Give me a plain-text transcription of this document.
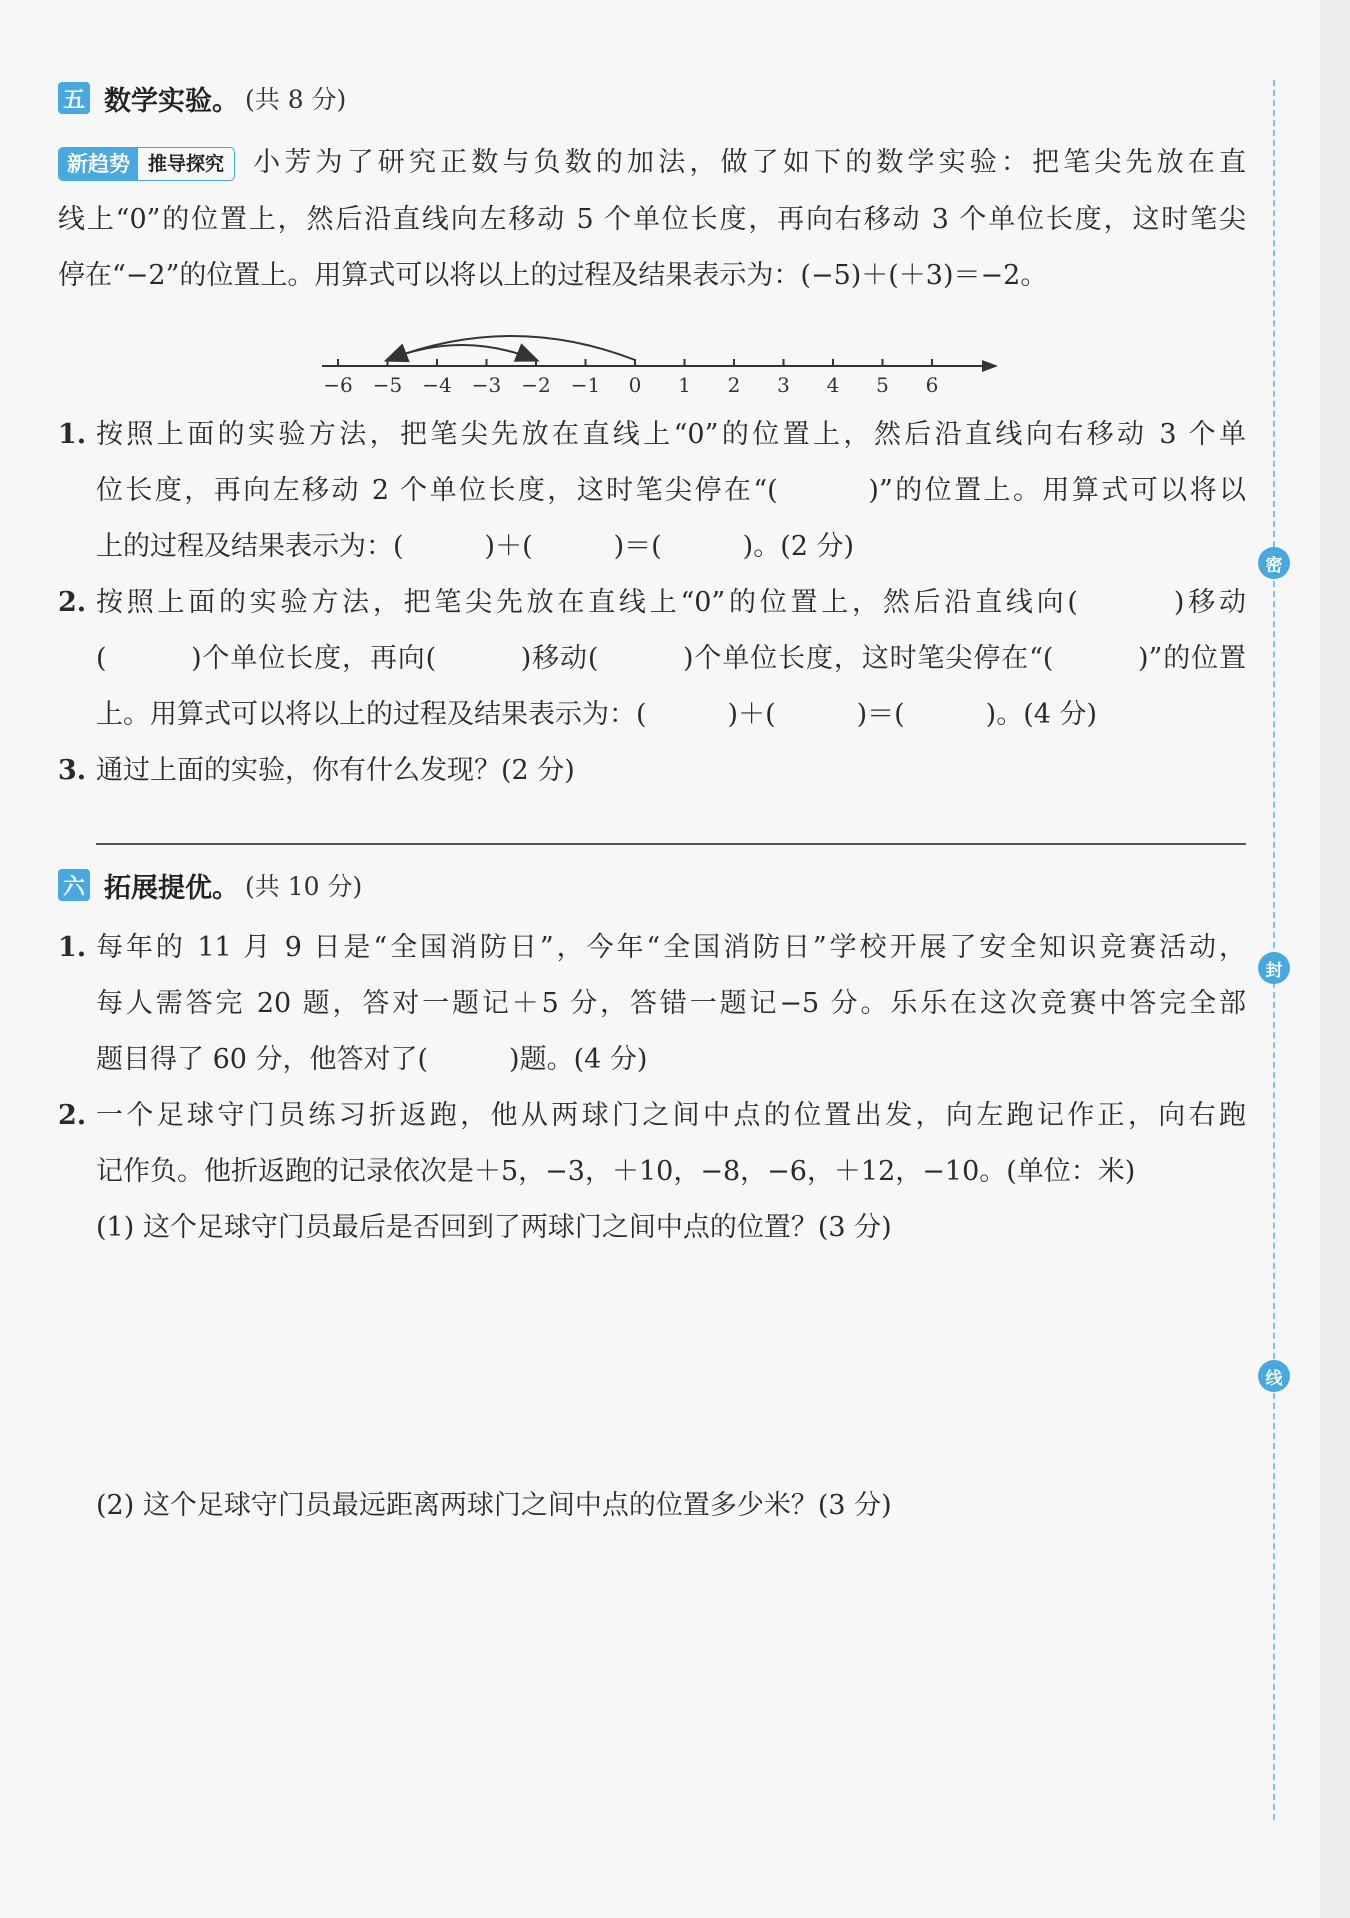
五 数学实验。 (共 8 分)
新趋势 推导探究 小芳为了研究正数与负数的加法，做了如下的数学实验：把笔尖先放在直
线上“0”的位置上，然后沿直线向左移动 5 个单位长度，再向右移动 3 个单位长度，这时笔尖
停在“−2”的位置上。用算式可以将以上的过程及结果表示为：(−5)＋(＋3)＝−2。
−6 −5 −4 −3 −2 −1 0 1 2 3 4 5 6
1. 按照上面的实验方法，把笔尖先放在直线上“0”的位置上，然后沿直线向右移动 3 个单
位长度，再向左移动 2 个单位长度，这时笔尖停在“(　　　)”的位置上。用算式可以将以
上的过程及结果表示为：(　　　)＋(　　　)＝(　　　)。(2 分)
2. 按照上面的实验方法，把笔尖先放在直线上“0”的位置上，然后沿直线向(　　　)移动
(　　　)个单位长度，再向(　　　)移动(　　　)个单位长度，这时笔尖停在“(　　　)”的位置
上。用算式可以将以上的过程及结果表示为：(　　　)＋(　　　)＝(　　　)。(4 分)
3. 通过上面的实验，你有什么发现？(2 分)
六 拓展提优。 (共 10 分)
1. 每年的 11 月 9 日是“全国消防日”，今年“全国消防日”学校开展了安全知识竞赛活动，
每人需答完 20 题，答对一题记＋5 分，答错一题记−5 分。乐乐在这次竞赛中答完全部
题目得了 60 分，他答对了(　　　)题。(4 分)
2. 一个足球守门员练习折返跑，他从两球门之间中点的位置出发，向左跑记作正，向右跑
记作负。他折返跑的记录依次是＋5，−3，＋10，−8，−6，＋12，−10。(单位：米)
(1) 这个足球守门员最后是否回到了两球门之间中点的位置？(3 分)
(2) 这个足球守门员最远距离两球门之间中点的位置多少米？(3 分)
密
封
线
